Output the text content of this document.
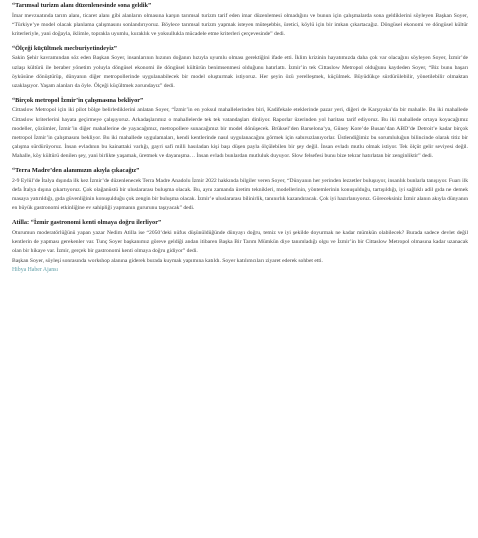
“Tarımsal turizm alanı düzenlenesinde sona geldik”

İmar mevzuatında tarım alanı, ticaret alanı gibi alanların olmasına karşın tarımsal turizm tarif eden imar düzenlemesi olmadığını ve bunun için çalışmalarda sona geldiklerini söyleyen Başkan Soyer, “Türkiye’ye model olacak planlama çalışmasını sonlandırıyoruz. Böylece tarımsal turizm yapmak isteyen müteşebbis, üretici, köylü için bir imkan çıkartacağız. Döngüsel ekonomi ve döngüsel kültür kriterleriyle, yani doğayla, iklimle, toprakla uyumlu, kuraklık ve yoksullukla mücadele etme kriterleri çerçevesinde” dedi.

“Ölçeği küçültmek mecburiyetindeyiz”

Sakin Şehir kavramından söz eden Başkan Soyer, insanlarının hızının doğanın hızıyla uyumlu olması gerektiğini ifade etti. İklim krizinin hayatımızda daha çok var olacağını söyleyen Soyer, İzmir’de uzlaşı kültürü ile beraber yönetim yoluyla döngüsel ekonomi ile döngüsel kültürün benimsenmesi olduğunu hatırlattı. İzmir’in tek Cittaslow Metropol olduğunu kaydeden Soyer, “Biz bunu başarı öyküsüne dönüştürüp, dünyanın diğer metropollerinde uygulanabilecek bir model oluşturmak istiyoruz. Her şeyin özü yerelleşmek, küçülmek. Büyüdükçe sürdürülebilir, yönetilebilir olmaktan uzaklaşıyor. Yaşam alanları da öyle. Ölçeği küçültmek zorundayız” dedi.

“Birçok metropol İzmir’in çalışmasına bekliyor”

Cittaslow Metropol için iki pilot bölge belirlediklerini anlatan Soyer, “İzmir’in en yoksul mahallelerinden biri, Kadifekale eteklerinde pazar yeri, diğeri de Karşıyaka’da bir mahalle. Bu iki mahallede Cittaslow kriterlerini hayata geçirmeye çalışıyoruz. Arkadaşlarımız o mahallelerde tek tek vatandaşları dinliyor. Raporlar üzerinden yol haritası tarif ediyoruz. Bu iki mahallede ortaya koyacağımız modeller, çözümler, İzmir’in diğer mahallerine de yayacağımız, metropollere sunacağımız bir model dönüşecek. Brüksel’den Barselona’ya, Güney Kore’de Busan’dan ABD’de Detroit’e kadar birçok metropol İzmir’in çalışmasını bekliyor. Bu iki mahallede uygulamaları, kendi kentlerinde nasıl uygulanacağını görmek için sabırsızlanıyorlar. Üstlendiğimiz bu sorumluluğun bilincinde olarak titiz bir çalışma sürdürüyoruz. İnsan evladının bu kainattaki varlığı, gayri safi milli hasıladan kişi başı düşen payla ölçülebilen bir şey değil. İnsan evladı mutlu olmak istiyor. Tek ölçüt gelir seviyesi değil. Mahalle, köy kültürü denilen şey, yani birlikte yaşamak, üretmek ve dayanışma… İnsan evladı bunlardan mutluluk duyuyor. Slow felsefesi bunu bize tekrar hatırlatan bir zenginliktir” dedi.

“Terra Madre’den alanımızın akıyla çıkacağız”

2-9 Eylül’de İtalya dışında ilk kez İzmir’de düzenlenecek Terra Madre Anadolu İzmir 2022 hakkında bilgiler veren Soyer, “Dünyanın her yerinden lezzetler buluşuyor, insanlık bunlarla tanışıyor. Fuarı ilk defa İtalya dışına çıkartıyoruz. Çok olağanüstü bir uluslararası buluşma olacak. Bu, aynı zamanda üretim teknikleri, modellerinin, yöntemlerinin konuşulduğu, tartışıldığı, iyi sağlıklı adil gıda ne demek masaya yatırıldığı, gıda güvenliğinin konuşulduğu çok zengin bir buluşma olacak. İzmir’e uluslararası bilinirlik, tanınırlık kazandıracak. Çok iyi hazırlanıyoruz. Göreceksiniz İzmir alanın akıyla dünyanın en büyük gastronomi etkinliğine ev sahipliği yapmanın gururunu taşıyacak” dedi.

Atilla: “İzmir gastronomi kenti olmaya doğru ilerliyor”

Oturumun moderatörlüğünü yapan yazar Nedim Atilla ise “2050’deki nüfus düşünüldüğünde dünyayı doğru, temiz ve iyi şekilde doyurmak ne kadar mümkün olabilecek? Burada sadece devlet değil kentlerin de yapması gerekenler var. Tunç Soyer başkanımız göreve geldiği andan itibaren Başka Bir Tarım Mümkün diye tanımladığı olgu ve İzmir’in bir Cittaslow Metropol olmasına kadar uzanacak olan bir hikaye var. İzmir, gerçek bir gastronomi kenti olmaya doğru gidiyor” dedi.

Başkan Soyer, söyleşi sonrasında workshop alanına giderek burada kuymak yapımına katıldı. Soyer katılımcıları ziyaret ederek sohbet etti.

Hibya Haber Ajansı
